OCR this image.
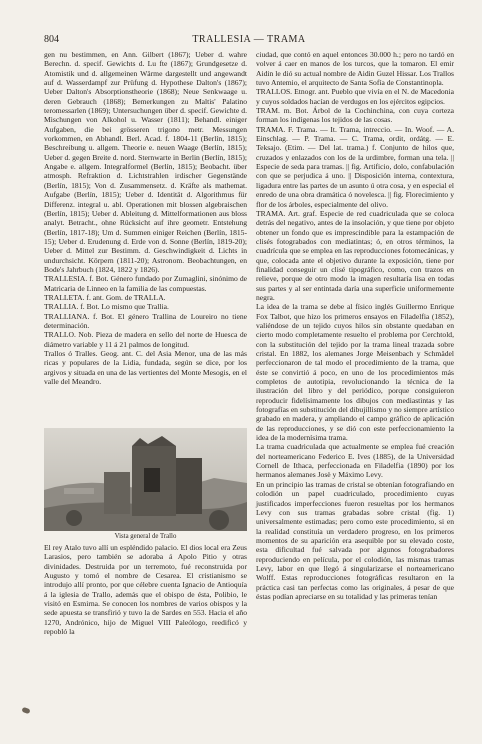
804	TRALLESIA — TRAMA

gen nu bestimmen, en Ann. Gilbert (1867); Ueber d. wahre Berechn. d. specif. Gewichts d. Lu fte (1867); Grundgesetze d. Atomistik und d. allgemeinen Wärme dargestellt und angewandt auf d. Wasserdampf zur Prüfung d. Hypothese Dalton's (1867); Ueber Dalton's Absorptionstheorie (1868); Neue Senkwaage u. deren Gebrauch (1868); Bemerkungen zu Maltis' Palatino teromessarlen (1869); Untersuchungen über d. specif. Gewichte d. Mischungen von Alkohol u. Wasser (1811); Behandl. einiger Aufgaben, die bei grösseren trigono metr. Messungen vorkommen, en Abhandl. Berl. Acad. f. 1804-11 (Berlín, 1815); Beschreibung u. allgem. Theorie e. neuen Waage (Berlín, 1815); Ueber d. gegen Breite d. nord. Sternwarte in Berlin (Berlín, 1815); Angabe e. allgem. Integralformel (Berlín, 1815); Beobacht. über atmosph. Refraktion d. Lichtstrahlen irdischer Gegenstände (Berlín, 1815); Von d. Zusammensetz. d. Kräfte als mathemat. Aufgabe (Berlín, 1815); Ueber d. Identität d. Algorithmus für Differenz. integral u. abl. Operationen mit blossen algebraischen (Berlín, 1815); Ueber d. Ableitung d. Mittelformationen aus bloss analyt. Betracht., ohne Rücksicht auf ihre geometr. Entstehung (Berlín, 1817-18); Um d. Summen einiger Reichen (Berlín, 1815-15); Ueber d. Erudenung d. Erde von d. Sonne (Berlín, 1819-20); Ueber d. Mittel zur Bestimm. d. Geschwindigkeit d. Lichts in undurchsicht. Körpern (1811-20); Astronom. Beobachtungen, en Bode's Jahrbuch (1824, 1822 y 1826).

TRALLESIA. f. Bot. Género fundado por Zumaglini, sinónimo de Matricaria de Linneo en la familia de las compuestas.

TRALLETA. f. ant. Gom. de TRALLA.

TRALLIA. f. Bot. Lo mismo que Trallia.

TRALLIANA. f. Bot. El género Trallina de Loureiro no tiene determinación.

TRALLO. Nob. Pieza de madera en sello del norte de Huesca de diámetro variable y 11 á 21 palmos de longitud.

Trallos ó Tralles. Geog. ant. C. del Asia Menor, una de las más ricas y populares de la Lidia, fundada, según se dice, por los argivos y situada en una de las vertientes del Monte Mesogis, en el valle del Meandro.

Vista general de Trallo

El rey Atalo tuvo allí un espléndido palacio. El dios local era Zeus Larasios, pero también se adoraba á Apolo Pitio y otras divinidades. Destruida por un terremoto, fué reconstruida por Augusto y tomó el nombre de Cesarea. El cristianismo se introdujo allí pronto, por que célebre cuenta Ignacio de Antioquía á la iglesia de Trallo, además que el obispo de ésta, Polibio, le visitó en Esmirna. Se conocen los nombres de varios obispos y la sede apuesta se transfirió y tuvo la de Sardes en 553. Hacia el año 1270, Andrónico, hijo de Miguel VIII Paleólogo, reedificó y repobló la

ciudad, que contó en aquel entonces 30.000 h.; pero no tardó en volver á caer en manos de los turcos, que la tomaron. El emir Aidin le dió su actual nombre de Aidin Guzel Hissar. Los Trallos tuvo Antemio, el arquitecto de Santa Sofía de Constantinopla.

TRALLOS. Etnogr. ant. Pueblo que vivía en el N. de Macedonia y cuyos soldados hacían de verdugos en los ejércitos egipcios.

TRAM. m. Bot. Árbol de la Cochinchina, con cuya corteza forman los indígenas los tejidos de las cosas.

TRAMA. F. Trama. — It. Trama, intreccio. — In. Woof. — A. Einschlag. — P. Trama. — C. Trama, ordit, ordátg. — E. Teksajo. (Etim. — Del lat. trama.) f. Conjunto de hilos que, cruzados y enlazados con los de la urdimbre, forman una tela. || Especie de seda para tramas. || fig. Artificio, dolo, confabulación con que se perjudica á uno. || Disposición interna, contextura, ligadura entre las partes de un asunto ú otra cosa, y en especial el enredo de una obra dramática ó novelesca. || fig. Florecimiento y flor de los árboles, especialmente del olivo.

TRAMA. Art. graf. Especie de red cuadriculada que se coloca detrás del negativo, antes de la insolación, y que tiene por objeto obtener un fondo que es imprescindible para la estampación de clisés fotograbados con mediatintas; ó, en otros términos, la cuadrícula que se emplea en las reproducciones fotomecánicas, y que, colocada ante el objetivo durante la exposición, tiene por finalidad conseguir un clisé tipográfico, como, con trazos en relieve, porque de otro modo la imagen resultaría lisa en todas sus partes y al ser entintada daría una superficie uniformemente negra.

La idea de la trama se debe al físico inglés Guillermo Enrique Fox Talbot, que hizo los primeros ensayos en Filadelfia (1852), valiéndose de un tejido cuyos hilos sin obstante quedaban en cierto modo completamente resuelto el problema por Cerchtold, con la substitución del tejido por la trama lineal trazada sobre cristal. En 1882, los alemanes Jorge Meisenbach y Schmädel perfeccionaron de tal modo el procedimiento de la trama, que éste se convirtió á poco, en uno de los procedimientos más completos de autotipia, revolucionando la técnica de la ilustración del libro y del periódico, porque consiguieron reproducir fidelísimamente los dibujos con mediastintas y las fotografías en substitución del dibujillismo y no siempre artístico grabado en madera, y ampliando el campo gráfico de aplicación de las reproducciones, y se dió con este perfeccionamiento la idea de la modernísima trama.

La trama cuadriculada que actualmente se emplea fué creación del norteamericano Federico E. Ives (1885), de la Universidad Cornell de Ithaca, perfeccionada en Filadelfia (1890) por los hermanos alemanes Josè y Máximo Levy.

En un principio las tramas de cristal se obtenían fotografiando en colodión un papel cuadriculado, procedimiento cuyas justificados imperfecciones fueron resueltas por los hermanos Levy con sus tramas grabadas sobre cristal (fig. 1) universalmente estimadas; pero como este procedimiento, si en la realidad constituía un verdadero progreso, en los primeros momentos de su aparición era asequible por su elevado coste, esta dificultad fué salvada por algunos fotograbadores reproduciendo en película, por el colodión, las mismas tramas Levy, labor en que llegó á singularizarse el norteamericano Wolff. Estas reproducciones fotográficas resultaron en la práctica casi tan perfectas como las originales, á pesar de que éstas podían apreciarse en su totalidad y las primeras tenían
